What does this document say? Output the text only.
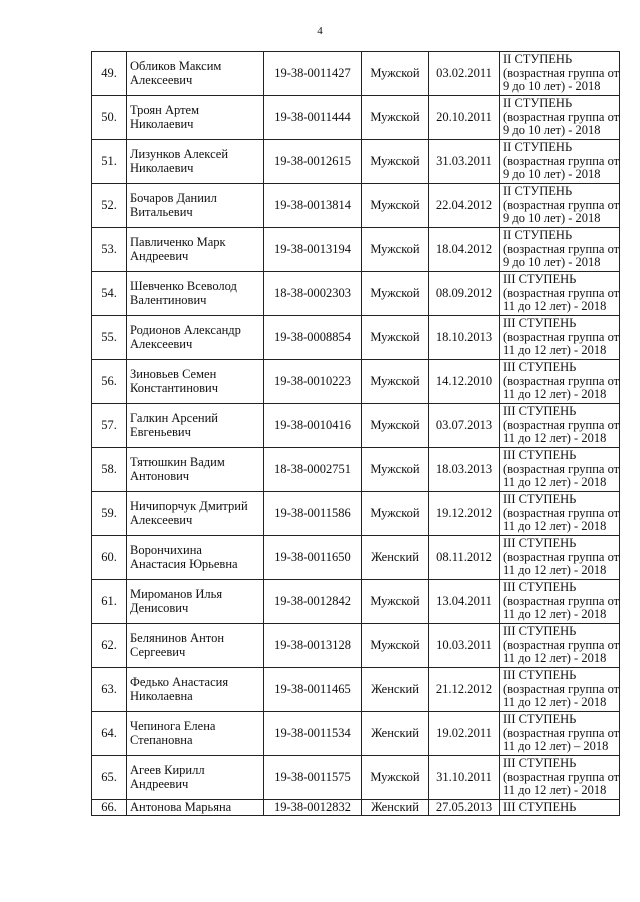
4
49.	Обликов Максим
Алексеевич	19-38-0011427	Мужской	03.02.2011	II СТУПЕНЬ
(возрастная группа от
9 до 10 лет) - 2018

50.	Троян Артем
Николаевич	19-38-0011444	Мужской	20.10.2011	II СТУПЕНЬ
(возрастная группа от
9 до 10 лет) - 2018

51.	Лизунков Алексей
Николаевич	19-38-0012615	Мужской	31.03.2011	II СТУПЕНЬ
(возрастная группа от
9 до 10 лет) - 2018

52.	Бочаров Даниил
Витальевич	19-38-0013814	Мужской	22.04.2012	II СТУПЕНЬ
(возрастная группа от
9 до 10 лет) - 2018

53.	Павличенко Марк
Андреевич	19-38-0013194	Мужской	18.04.2012	II СТУПЕНЬ
(возрастная группа от
9 до 10 лет) - 2018

54.	Шевченко Всеволод
Валентинович	18-38-0002303	Мужской	08.09.2012	III СТУПЕНЬ
(возрастная группа от
11 до 12 лет) - 2018

55.	Родионов Александр
Алексеевич	19-38-0008854	Мужской	18.10.2013	III СТУПЕНЬ
(возрастная группа от
11 до 12 лет) - 2018

56.	Зиновьев Семен
Константинович	19-38-0010223	Мужской	14.12.2010	III СТУПЕНЬ
(возрастная группа от
11 до 12 лет) - 2018

57.	Галкин Арсений
Евгеньевич	19-38-0010416	Мужской	03.07.2013	III СТУПЕНЬ
(возрастная группа от
11 до 12 лет) - 2018

58.	Тятюшкин Вадим
Антонович	18-38-0002751	Мужской	18.03.2013	III СТУПЕНЬ
(возрастная группа от
11 до 12 лет) - 2018

59.	Ничипорчук Дмитрий
Алексеевич	19-38-0011586	Мужской	19.12.2012	III СТУПЕНЬ
(возрастная группа от
11 до 12 лет) - 2018

60.	Ворончихина
Анастасия Юрьевна	19-38-0011650	Женский	08.11.2012	III СТУПЕНЬ
(возрастная группа от
11 до 12 лет) - 2018

61.	Мироманов Илья
Денисович	19-38-0012842	Мужской	13.04.2011	III СТУПЕНЬ
(возрастная группа от
11 до 12 лет) - 2018

62.	Белянинов Антон
Сергеевич	19-38-0013128	Мужской	10.03.2011	III СТУПЕНЬ
(возрастная группа от
11 до 12 лет) - 2018

63.	Федько Анастасия
Николаевна	19-38-0011465	Женский	21.12.2012	III СТУПЕНЬ
(возрастная группа от
11 до 12 лет) - 2018

64.	Чепинога Елена
Степановна	19-38-0011534	Женский	19.02.2011	III СТУПЕНЬ
(возрастная группа от
11 до 12 лет) – 2018

65.	Агеев Кирилл
Андреевич	19-38-0011575	Мужской	31.10.2011	III СТУПЕНЬ
(возрастная группа от
11 до 12 лет) - 2018

66.	Антонова Марьяна	19-38-0012832	Женский	27.05.2013	III СТУПЕНЬ
